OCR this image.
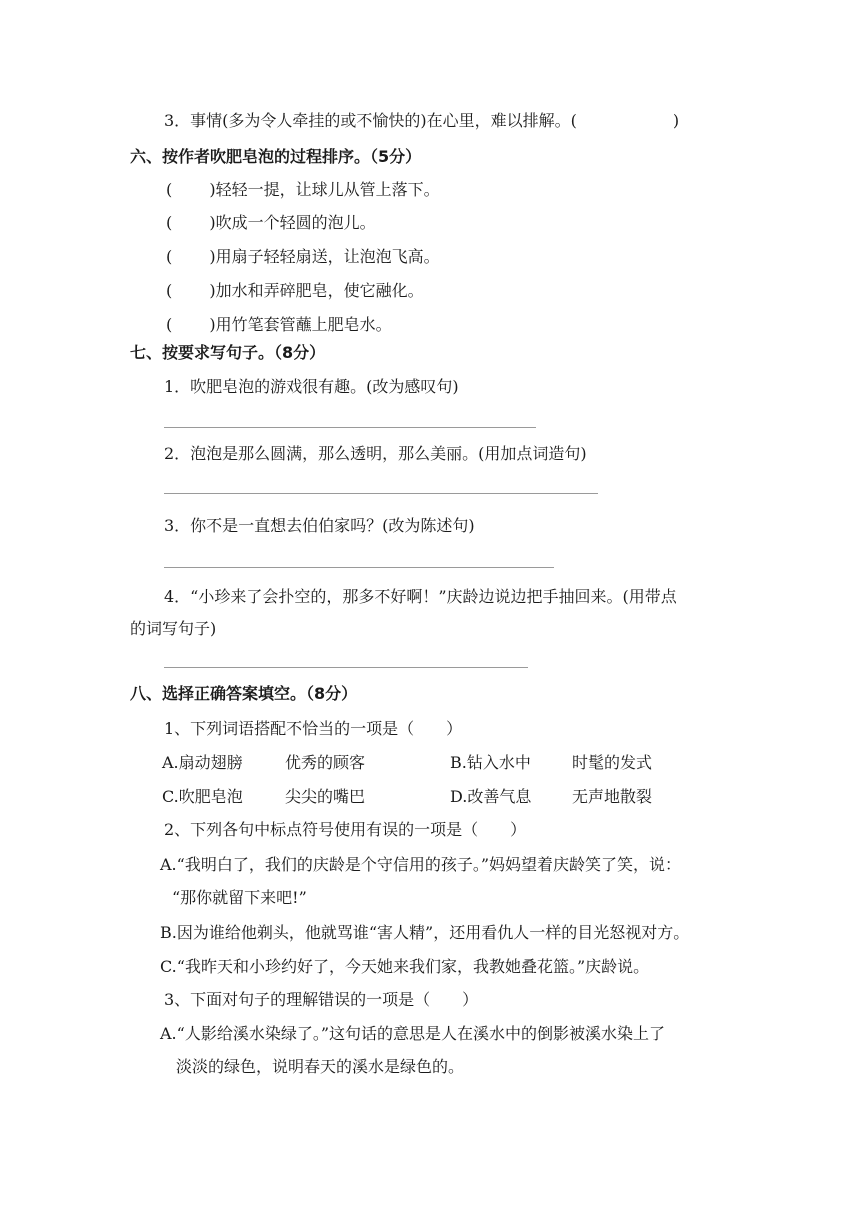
3．事情(多为令人牵挂的或不愉快的)在心里，难以排解。(　　　　　　)
六、按作者吹肥皂泡的过程排序。（5分）
(　　 )轻轻一提，让球儿从管上落下。
(　　 )吹成一个轻圆的泡儿。
(　　 )用扇子轻轻扇送，让泡泡飞高。
(　　 )加水和弄碎肥皂，使它融化。
(　　 )用竹笔套管蘸上肥皂水。
七、按要求写句子。（8分）
1．吹肥皂泡的游戏很有趣。(改为感叹句)
2．泡泡是那么圆满，那么透明，那么美丽。(用加点词造句)
3．你不是一直想去伯伯家吗？(改为陈述句)
4．“小珍来了会扑空的，那多不好啊！”庆龄边说边把手抽回来。(用带点
的词写句子)
八、选择正确答案填空。（8分）
1、下列词语搭配不恰当的一项是（　　）
A.扇动翅膀	优秀的顾客	B.钻入水中	时髦的发式
C.吹肥皂泡	尖尖的嘴巴	D.改善气息	无声地散裂
2、下列各句中标点符号使用有误的一项是（　　）
A.“我明白了，我们的庆龄是个守信用的孩子。”妈妈望着庆龄笑了笑，说：
“那你就留下来吧!”
B.因为谁给他剃头，他就骂谁“害人精”，还用看仇人一样的目光怒视对方。
C.“我昨天和小珍约好了，今天她来我们家，我教她叠花篮。”庆龄说。
3、下面对句子的理解错误的一项是（　　）
A.“人影给溪水染绿了。”这句话的意思是人在溪水中的倒影被溪水染上了
淡淡的绿色，说明春天的溪水是绿色的。
